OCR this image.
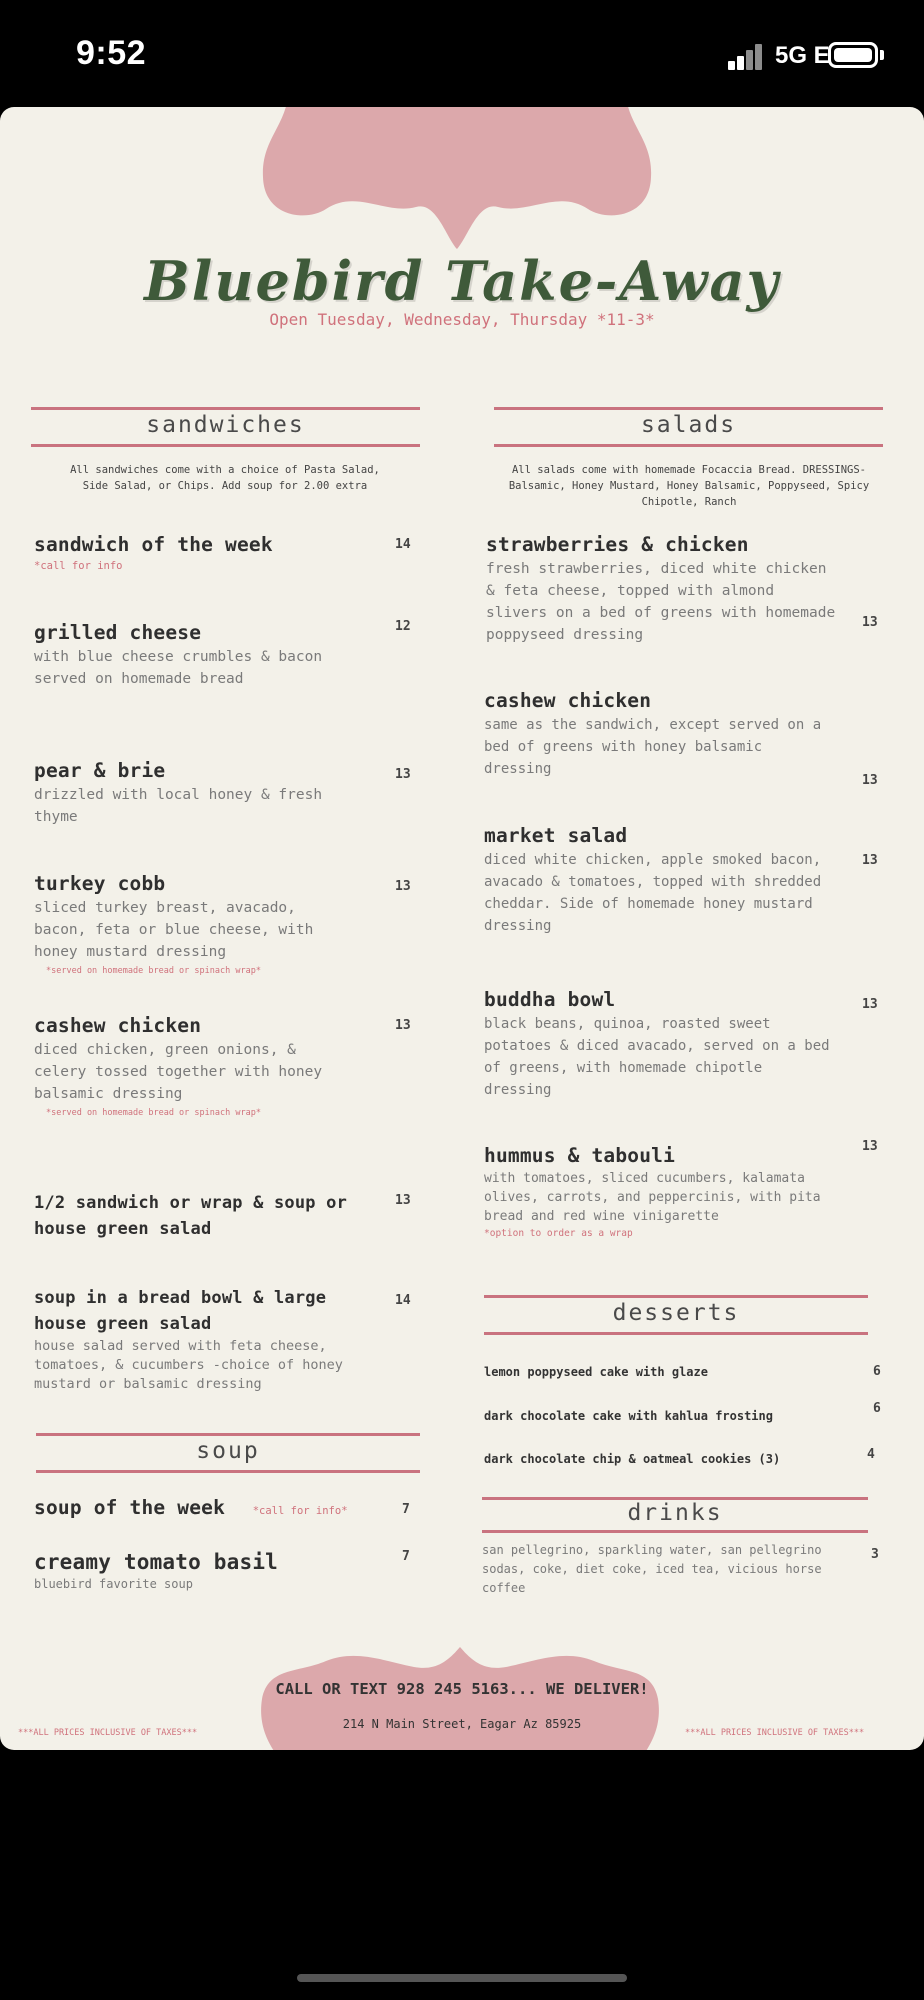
9:52	5G E
Bluebird Take-Away
Open Tuesday, Wednesday, Thursday *11-3*
sandwiches
All sandwiches come with a choice of Pasta Salad, Side Salad, or Chips. Add soup for 2.00 extra
sandwich of the week
*call for info
14
grilled cheese
with blue cheese crumbles & bacon served on homemade bread
12
pear & brie
drizzled with local honey & fresh thyme
13
turkey cobb
sliced turkey breast, avacado, bacon, feta or blue cheese, with honey mustard dressing
*served on homemade bread or spinach wrap*
13
cashew chicken
diced chicken, green onions, & celery tossed together with honey balsamic dressing
*served on homemade bread or spinach wrap*
13
1/2 sandwich or wrap & soup or house green salad
13
soup in a bread bowl & large house green salad
house salad served with feta cheese, tomatoes, & cucumbers -choice of honey mustard or balsamic dressing
14
soup
soup of the week	*call for info*	7
creamy tomato basil
bluebird favorite soup
7
salads
All salads come with homemade Focaccia Bread. DRESSINGS- Balsamic, Honey Mustard, Honey Balsamic, Poppyseed, Spicy Chipotle, Ranch
strawberries & chicken
fresh strawberries, diced white chicken & feta cheese, topped with almond slivers on a bed of greens with homemade poppyseed dressing
13
cashew chicken
same as the sandwich, except served on a bed of greens with honey balsamic dressing
13
market salad
diced white chicken, apple smoked bacon, avacado & tomatoes, topped with shredded cheddar. Side of homemade honey mustard dressing
13
buddha bowl
black beans, quinoa, roasted sweet potatoes & diced avacado, served on a bed of greens, with homemade chipotle dressing
13
hummus & tabouli
with tomatoes, sliced cucumbers, kalamata olives, carrots, and peppercinis, with pita bread and red wine vinigarette
*option to order as a wrap
13
desserts
lemon poppyseed cake with glaze	6
dark chocolate cake with kahlua frosting	6
dark chocolate chip & oatmeal cookies (3)	4
drinks
san pellegrino, sparkling water, san pellegrino sodas, coke, diet coke, iced tea, vicious horse coffee
3
CALL OR TEXT 928 245 5163... WE DELIVER!
214 N Main Street, Eagar Az 85925
***ALL PRICES INCLUSIVE OF TAXES***	***ALL PRICES INCLUSIVE OF TAXES***
